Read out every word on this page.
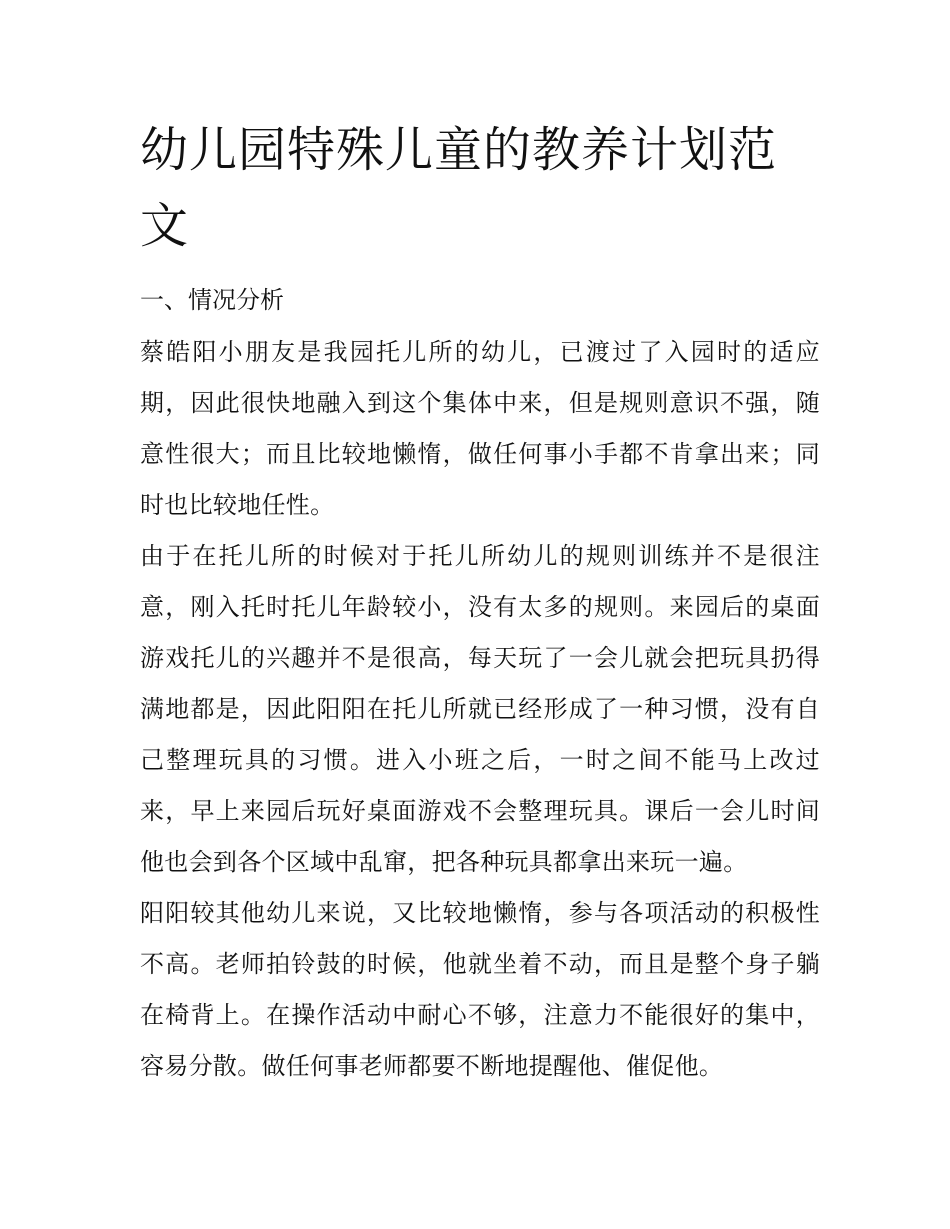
幼儿园特殊儿童的教养计划范文
一、情况分析

蔡皓阳小朋友是我园托儿所的幼儿，已渡过了入园时的适应期，因此很快地融入到这个集体中来，但是规则意识不强，随意性很大；而且比较地懒惰，做任何事小手都不肯拿出来；同时也比较地任性。

由于在托儿所的时候对于托儿所幼儿的规则训练并不是很注意，刚入托时托儿年龄较小，没有太多的规则。来园后的桌面游戏托儿的兴趣并不是很高，每天玩了一会儿就会把玩具扔得满地都是，因此阳阳在托儿所就已经形成了一种习惯，没有自己整理玩具的习惯。进入小班之后，一时之间不能马上改过来，早上来园后玩好桌面游戏不会整理玩具。课后一会儿时间他也会到各个区域中乱窜，把各种玩具都拿出来玩一遍。

阳阳较其他幼儿来说，又比较地懒惰，参与各项活动的积极性不高。老师拍铃鼓的时候，他就坐着不动，而且是整个身子躺在椅背上。在操作活动中耐心不够，注意力不能很好的集中，容易分散。做任何事老师都要不断地提醒他、催促他。
